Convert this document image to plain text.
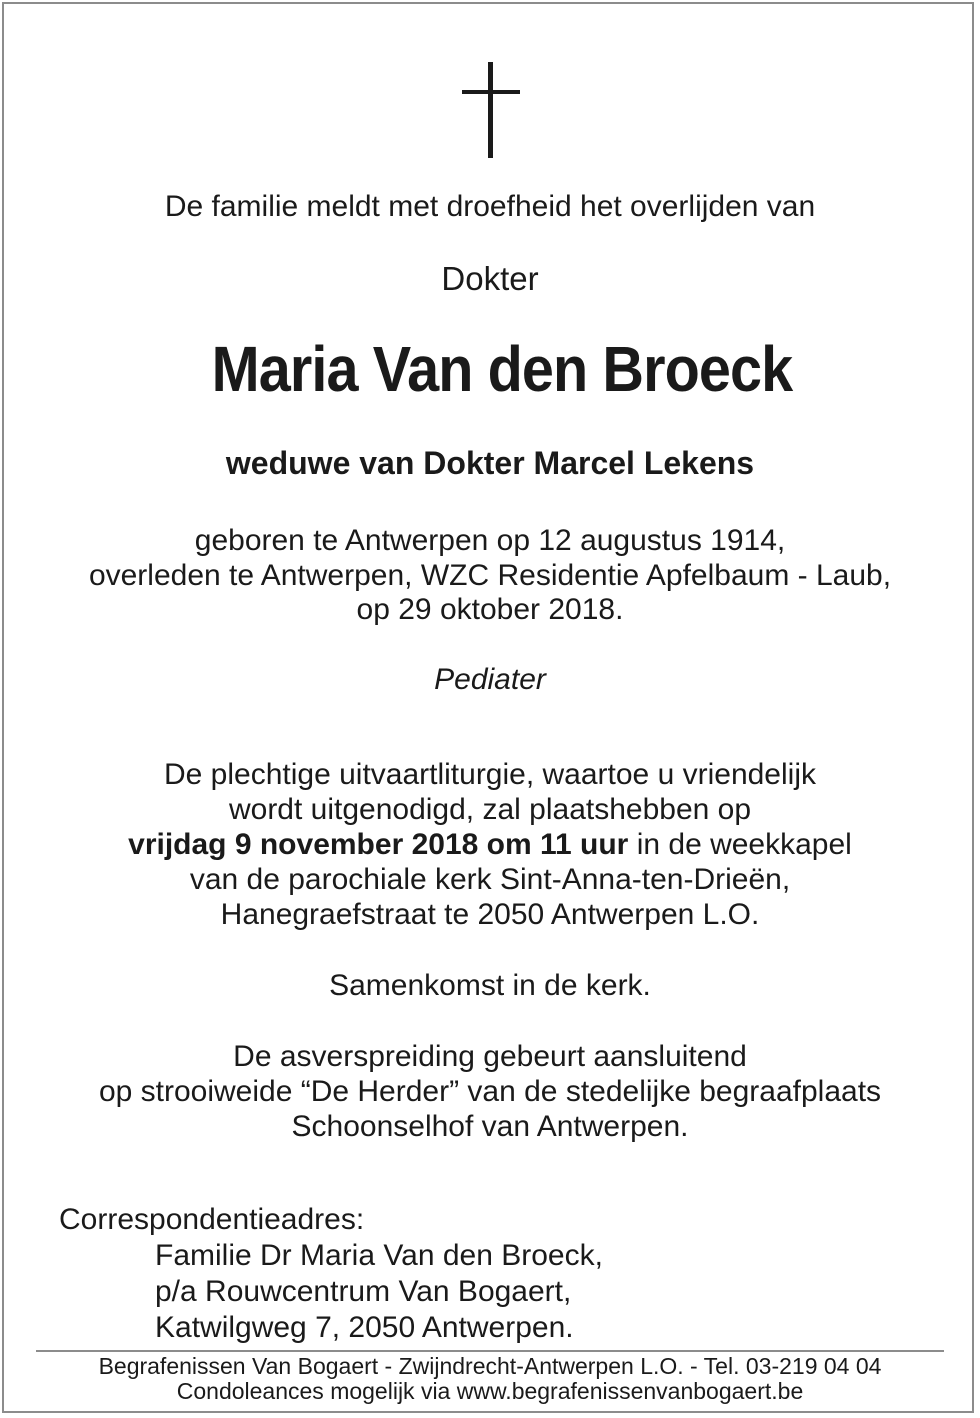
De familie meldt met droefheid het overlijden van
Dokter
Maria Van den Broeck
weduwe van Dokter Marcel Lekens
geboren te Antwerpen op 12 augustus 1914,
overleden te Antwerpen, WZC Residentie Apfelbaum - Laub,
op 29 oktober 2018.
Pediater
De plechtige uitvaartliturgie, waartoe u vriendelijk
wordt uitgenodigd, zal plaatshebben op
vrijdag 9 november 2018 om 11 uur in de weekkapel
van de parochiale kerk Sint-Anna-ten-Drieën,
Hanegraefstraat te 2050 Antwerpen L.O.
Samenkomst in de kerk.
De asverspreiding gebeurt aansluitend
op strooiweide “De Herder” van de stedelijke begraafplaats
Schoonselhof van Antwerpen.
Correspondentieadres:
Familie Dr Maria Van den Broeck,
p/a Rouwcentrum Van Bogaert,
Katwilgweg 7, 2050 Antwerpen.
Begrafenissen Van Bogaert - Zwijndrecht-Antwerpen L.O. - Tel. 03-219 04 04
Condoleances mogelijk via www.begrafenissenvanbogaert.be
